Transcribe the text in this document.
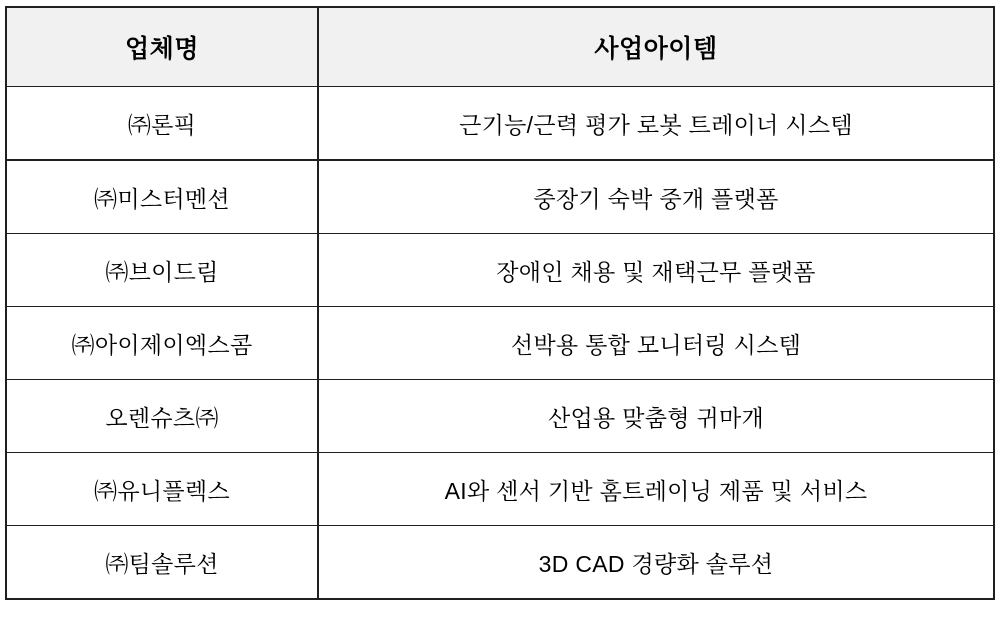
업체명	사업아이템
㈜론픽	근기능/근력 평가 로봇 트레이너 시스템
㈜미스터멘션	중장기 숙박 중개 플랫폼
㈜브이드림	장애인 채용 및 재택근무 플랫폼
㈜아이제이엑스콤	선박용 통합 모니터링 시스템
오렌슈츠㈜	산업용 맞춤형 귀마개
㈜유니플렉스	AI와 센서 기반 홈트레이닝 제품 및 서비스
㈜팀솔루션	3D CAD 경량화 솔루션
